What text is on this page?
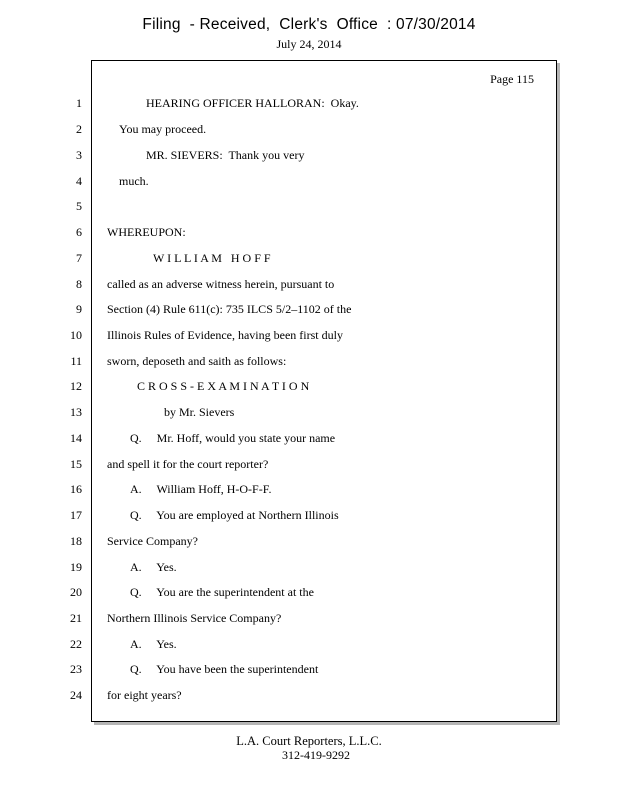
Filing  - Received,  Clerk's  Office  : 07/30/2014
July 24, 2014
Page 115
1
2
3
4
5
6
7
8
9
10
11
12
13
14
15
16
17
18
19
20
21
22
23
24
HEARING OFFICER HALLORAN:  Okay.
You may proceed.
MR. SIEVERS:  Thank you very
much.
WHEREUPON:
W I L L I A M   H O F F
called as an adverse witness herein, pursuant to
Section (4) Rule 611(c): 735 ILCS 5/2–1102 of the
Illinois Rules of Evidence, having been first duly
sworn, deposeth and saith as follows:
C R O S S - E X A M I N A T I O N
by Mr. Sievers
Q.     Mr. Hoff, would you state your name
and spell it for the court reporter?
A.     William Hoff, H-O-F-F.
Q.     You are employed at Northern Illinois
Service Company?
A.     Yes.
Q.     You are the superintendent at the
Northern Illinois Service Company?
A.     Yes.
Q.     You have been the superintendent
for eight years?
L.A. Court Reporters, L.L.C.
312-419-9292
